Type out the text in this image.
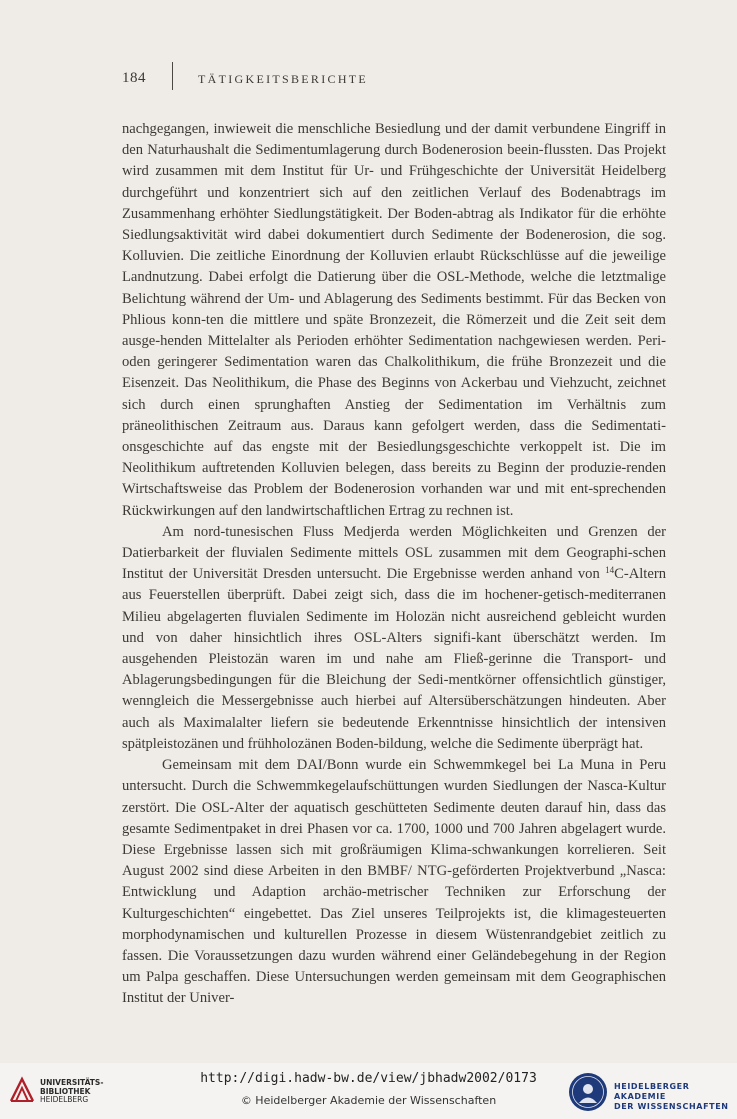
184	TÄTIGKEITSBERICHTE

nachgegangen, inwieweit die menschliche Besiedlung und der damit verbundene Eingriff in den Naturhaushalt die Sedimentumlagerung durch Bodenerosion beein-flussten. Das Projekt wird zusammen mit dem Institut für Ur- und Frühgeschichte der Universität Heidelberg durchgeführt und konzentriert sich auf den zeitlichen Verlauf des Bodenabtrags im Zusammenhang erhöhter Siedlungstätigkeit. Der Boden-abtrag als Indikator für die erhöhte Siedlungsaktivität wird dabei dokumentiert durch Sedimente der Bodenerosion, die sog. Kolluvien. Die zeitliche Einordnung der Kolluvien erlaubt Rückschlüsse auf die jeweilige Landnutzung. Dabei erfolgt die Datierung über die OSL-Methode, welche die letztmalige Belichtung während der Um- und Ablagerung des Sediments bestimmt. Für das Becken von Phlious konn-ten die mittlere und späte Bronzezeit, die Römerzeit und die Zeit seit dem ausge-henden Mittelalter als Perioden erhöhter Sedimentation nachgewiesen werden. Peri-oden geringerer Sedimentation waren das Chalkolithikum, die frühe Bronzezeit und die Eisenzeit. Das Neolithikum, die Phase des Beginns von Ackerbau und Viehzucht, zeichnet sich durch einen sprunghaften Anstieg der Sedimentation im Verhältnis zum präneolithischen Zeitraum aus. Daraus kann gefolgert werden, dass die Sedimentati-onsgeschichte auf das engste mit der Besiedlungsgeschichte verkoppelt ist. Die im Neolithikum auftretenden Kolluvien belegen, dass bereits zu Beginn der produzie-renden Wirtschaftsweise das Problem der Bodenerosion vorhanden war und mit ent-sprechenden Rückwirkungen auf den landwirtschaftlichen Ertrag zu rechnen ist.

Am nord-tunesischen Fluss Medjerda werden Möglichkeiten und Grenzen der Datierbarkeit der fluvialen Sedimente mittels OSL zusammen mit dem Geographi-schen Institut der Universität Dresden untersucht. Die Ergebnisse werden anhand von $^{14}$C-Altern aus Feuerstellen überprüft. Dabei zeigt sich, dass die im hochener-getisch-mediterranen Milieu abgelagerten fluvialen Sedimente im Holozän nicht ausreichend gebleicht wurden und von daher hinsichtlich ihres OSL-Alters signifi-kant überschätzt werden. Im ausgehenden Pleistozän waren im und nahe am Fließ-gerinne die Transport- und Ablagerungsbedingungen für die Bleichung der Sedi-mentkörner offensichtlich günstiger, wenngleich die Messergebnisse auch hierbei auf Altersüberschätzungen hindeuten. Aber auch als Maximalalter liefern sie bedeutende Erkenntnisse hinsichtlich der intensiven spätpleistozänen und frühholozänen Boden-bildung, welche die Sedimente überprägt hat.

Gemeinsam mit dem DAI/Bonn wurde ein Schwemmkegel bei La Muna in Peru untersucht. Durch die Schwemmkegelaufschüttungen wurden Siedlungen der Nasca-Kultur zerstört. Die OSL-Alter der aquatisch geschütteten Sedimente deuten darauf hin, dass das gesamte Sedimentpaket in drei Phasen vor ca. 1700, 1000 und 700 Jahren abgelagert wurde. Diese Ergebnisse lassen sich mit großräumigen Klima-schwankungen korrelieren. Seit August 2002 sind diese Arbeiten in den BMBF/ NTG-geförderten Projektverbund „Nasca: Entwicklung und Adaption archäo-metrischer Techniken zur Erforschung der Kulturgeschichten“ eingebettet. Das Ziel unseres Teilprojekts ist, die klimagesteuerten morphodynamischen und kulturellen Prozesse in diesem Wüstenrandgebiet zeitlich zu fassen. Die Voraussetzungen dazu wurden während einer Geländebegehung in der Region um Palpa geschaffen. Diese Untersuchungen werden gemeinsam mit dem Geographischen Institut der Univer-

UNIVERSITÄTS-
BIBLIOTHEK
HEIDELBERG
http://digi.hadw-bw.de/view/jbhadw2002/0173
© Heidelberger Akademie der Wissenschaften
HEIDELBERGER AKADEMIE
DER WISSENSCHAFTEN
